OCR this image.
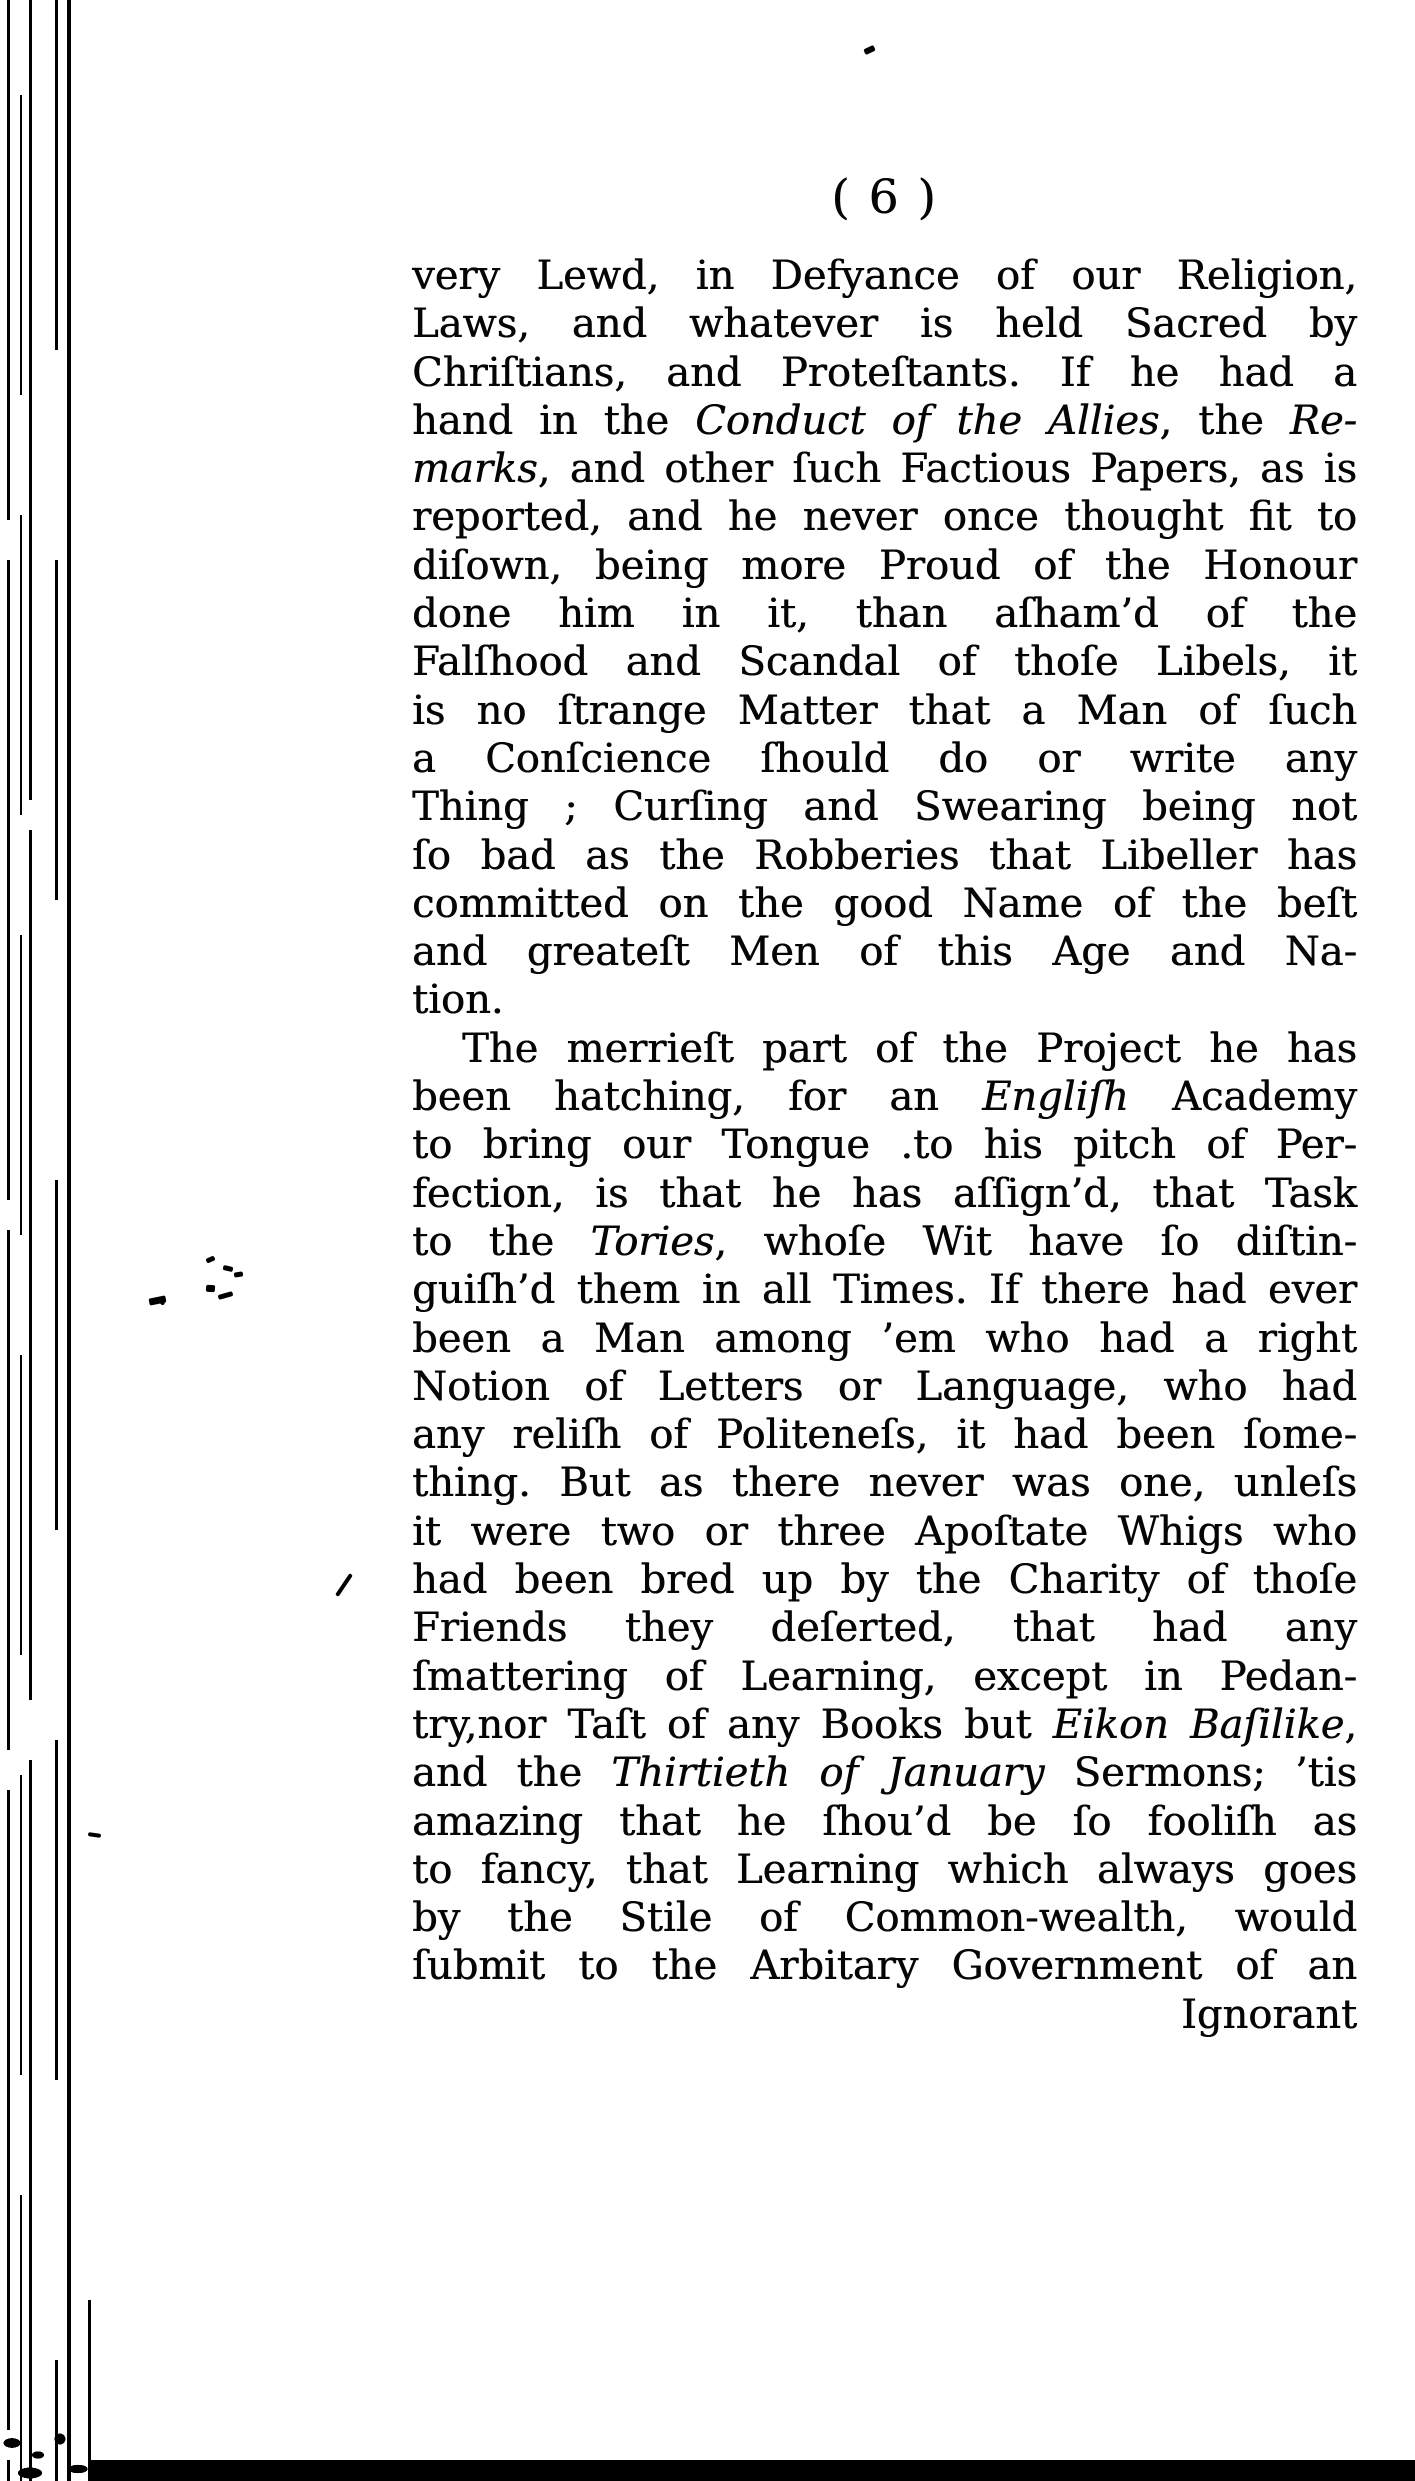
( 6 )
very Lewd, in Defyance of our Religion,
Laws, and whatever is held Sacred by
Chriſtians, and Proteſtants. If he had a
hand in the Conduct of the Allies, the Re-
marks, and other ſuch Factious Papers, as is
reported, and he never once thought fit to
diſown, being more Proud of the Honour
done him in it, than aſham’d of the
Falſhood and Scandal of thoſe Libels, it
is no ſtrange Matter that a Man of ſuch
a Conſcience ſhould do or write any
Thing ; Curſing and Swearing being not
ſo bad as the Robberies that Libeller has
committed on the good Name of the beſt
and greateſt Men of this Age and Na-
tion.
The merrieſt part of the Project he has
been hatching, for an Engliſh Academy
to bring our Tongue .to his pitch of Per-
fection, is that he has aſſign’d, that Task
to the Tories, whoſe Wit have ſo diſtin-
guiſh’d them in all Times. If there had ever
been a Man among ’em who had a right
Notion of Letters or Language, who had
any reliſh of Politeneſs, it had been ſome-
thing. But as there never was one, unleſs
it were two or three Apoſtate Whigs who
had been bred up by the Charity of thoſe
Friends they deſerted, that had any
ſmattering of Learning, except in Pedan-
try,nor Taſt of any Books but Eikon Baſilike,
and the Thirtieth of January Sermons; ’tis
amazing that he ſhou’d be ſo fooliſh as
to fancy, that Learning which always goes
by the Stile of Common-wealth, would
ſubmit to the Arbitary Government of an
Ignorant
